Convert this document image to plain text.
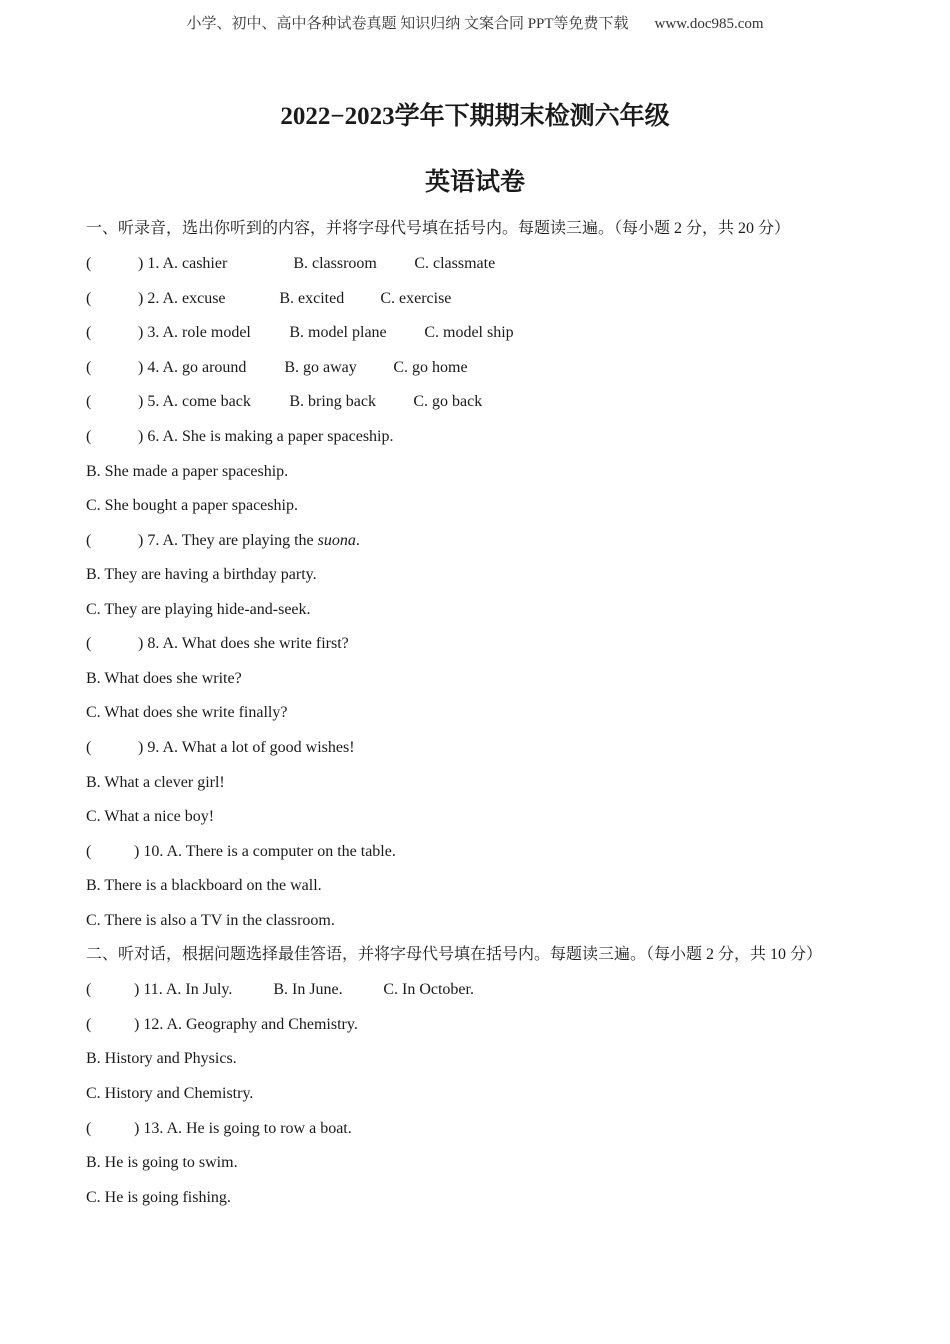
小学、初中、高中各种试卷真题 知识归纳 文案合同 PPT等免费下载 www.doc985.com
2022−2023学年下期期末检测六年级
英语试卷
一、听录音，选出你听到的内容，并将字母代号填在括号内。每题读三遍。（每小题 2 分，共 20 分）
(	) 1. A. cashier	B. classroom C. classmate
(	) 2. A. excuse	B. excited C. exercise
(	) 3. A. role model B. model plane C. model ship
(	) 4. A. go around B. go away C. go home
(	) 5. A. come back B. bring back C. go back
(	) 6. A. She is making a paper spaceship.
B. She made a paper spaceship.
C. She bought a paper spaceship.
(	) 7. A. They are playing the suona.
B. They are having a birthday party.
C. They are playing hide-and-seek.
(	) 8. A. What does she write first?
B. What does she write?
C. What does she write finally?
(	) 9. A. What a lot of good wishes!
B. What a clever girl!
C. What a nice boy!
(	) 10. A. There is a computer on the table.
B. There is a blackboard on the wall.
C. There is also a TV in the classroom.
二、听对话，根据问题选择最佳答语，并将字母代号填在括号内。每题读三遍。（每小题 2 分，共 10 分）
(	) 11. A. In July.	B. In June.	C. In October.
(	) 12. A. Geography and Chemistry.
B. History and Physics.
C. History and Chemistry.
(	) 13. A. He is going to row a boat.
B. He is going to swim.
C. He is going fishing.
